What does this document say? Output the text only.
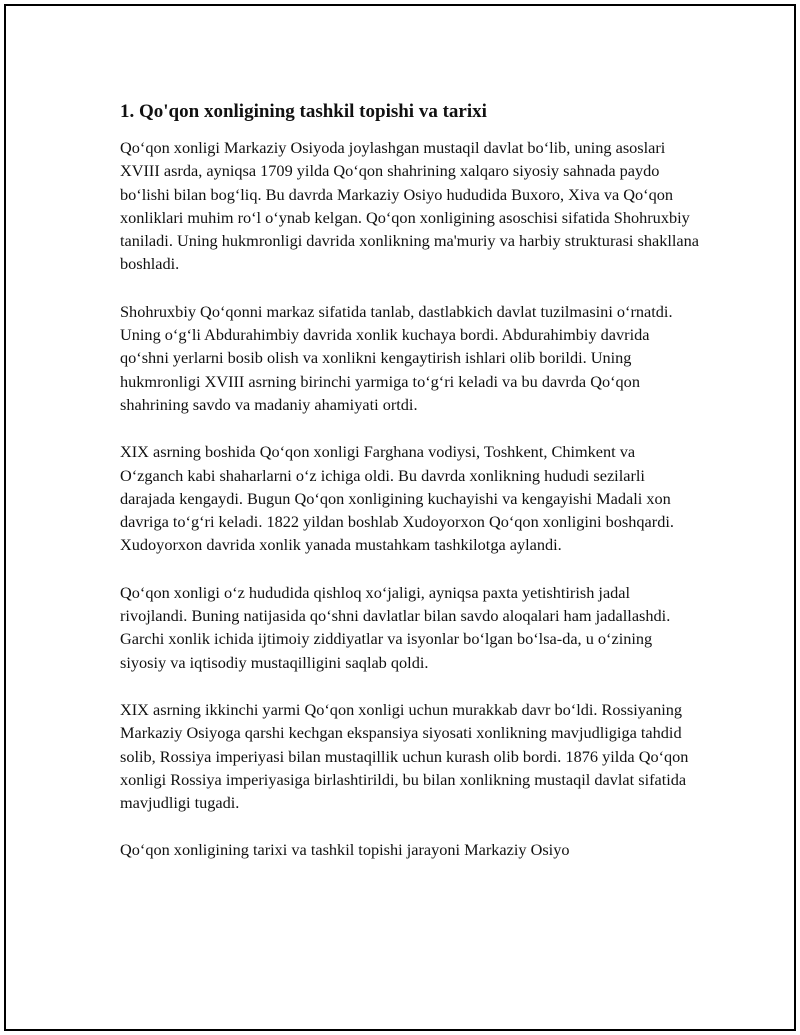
1. Qo'qon xonligining tashkil topishi va tarixi

Qo‘qon xonligi Markaziy Osiyoda joylashgan mustaqil davlat bo‘lib, uning asoslari XVIII asrda, ayniqsa 1709 yilda Qo‘qon shahrining xalqaro siyosiy sahnada paydo bo‘lishi bilan bog‘liq. Bu davrda Markaziy Osiyo hududida Buxoro, Xiva va Qo‘qon xonliklari muhim ro‘l o‘ynab kelgan. Qo‘qon xonligining asoschisi sifatida Shohruxbiy taniladi. Uning hukmronligi davrida xonlikning ma'muriy va harbiy strukturasi shakllana boshladi.

Shohruxbiy Qo‘qonni markaz sifatida tanlab, dastlabkich davlat tuzilmasini o‘rnatdi. Uning o‘g‘li Abdurahimbiy davrida xonlik kuchaya bordi. Abdurahimbiy davrida qo‘shni yerlarni bosib olish va xonlikni kengaytirish ishlari olib borildi. Uning hukmronligi XVIII asrning birinchi yarmiga to‘g‘ri keladi va bu davrda Qo‘qon shahrining savdo va madaniy ahamiyati ortdi.

XIX asrning boshida Qo‘qon xonligi Farghana vodiysi, Toshkent, Chimkent va O‘zganch kabi shaharlarni o‘z ichiga oldi. Bu davrda xonlikning hududi sezilarli darajada kengaydi. Bugun Qo‘qon xonligining kuchayishi va kengayishi Madali xon davriga to‘g‘ri keladi. 1822 yildan boshlab Xudoyorxon Qo‘qon xonligini boshqardi. Xudoyorxon davrida xonlik yanada mustahkam tashkilotga aylandi.

Qo‘qon xonligi o‘z hududida qishloq xo‘jaligi, ayniqsa paxta yetishtirish jadal rivojlandi. Buning natijasida qo‘shni davlatlar bilan savdo aloqalari ham jadallashdi. Garchi xonlik ichida ijtimoiy ziddiyatlar va isyonlar bo‘lgan bo‘lsa-da, u o‘zining siyosiy va iqtisodiy mustaqilligini saqlab qoldi.

XIX asrning ikkinchi yarmi Qo‘qon xonligi uchun murakkab davr bo‘ldi. Rossiyaning Markaziy Osiyoga qarshi kechgan ekspansiya siyosati xonlikning mavjudligiga tahdid solib, Rossiya imperiyasi bilan mustaqillik uchun kurash olib bordi. 1876 yilda Qo‘qon xonligi Rossiya imperiyasiga birlashtirildi, bu bilan xonlikning mustaqil davlat sifatida mavjudligi tugadi.

Qo‘qon xonligining tarixi va tashkil topishi jarayoni Markaziy Osiyo
